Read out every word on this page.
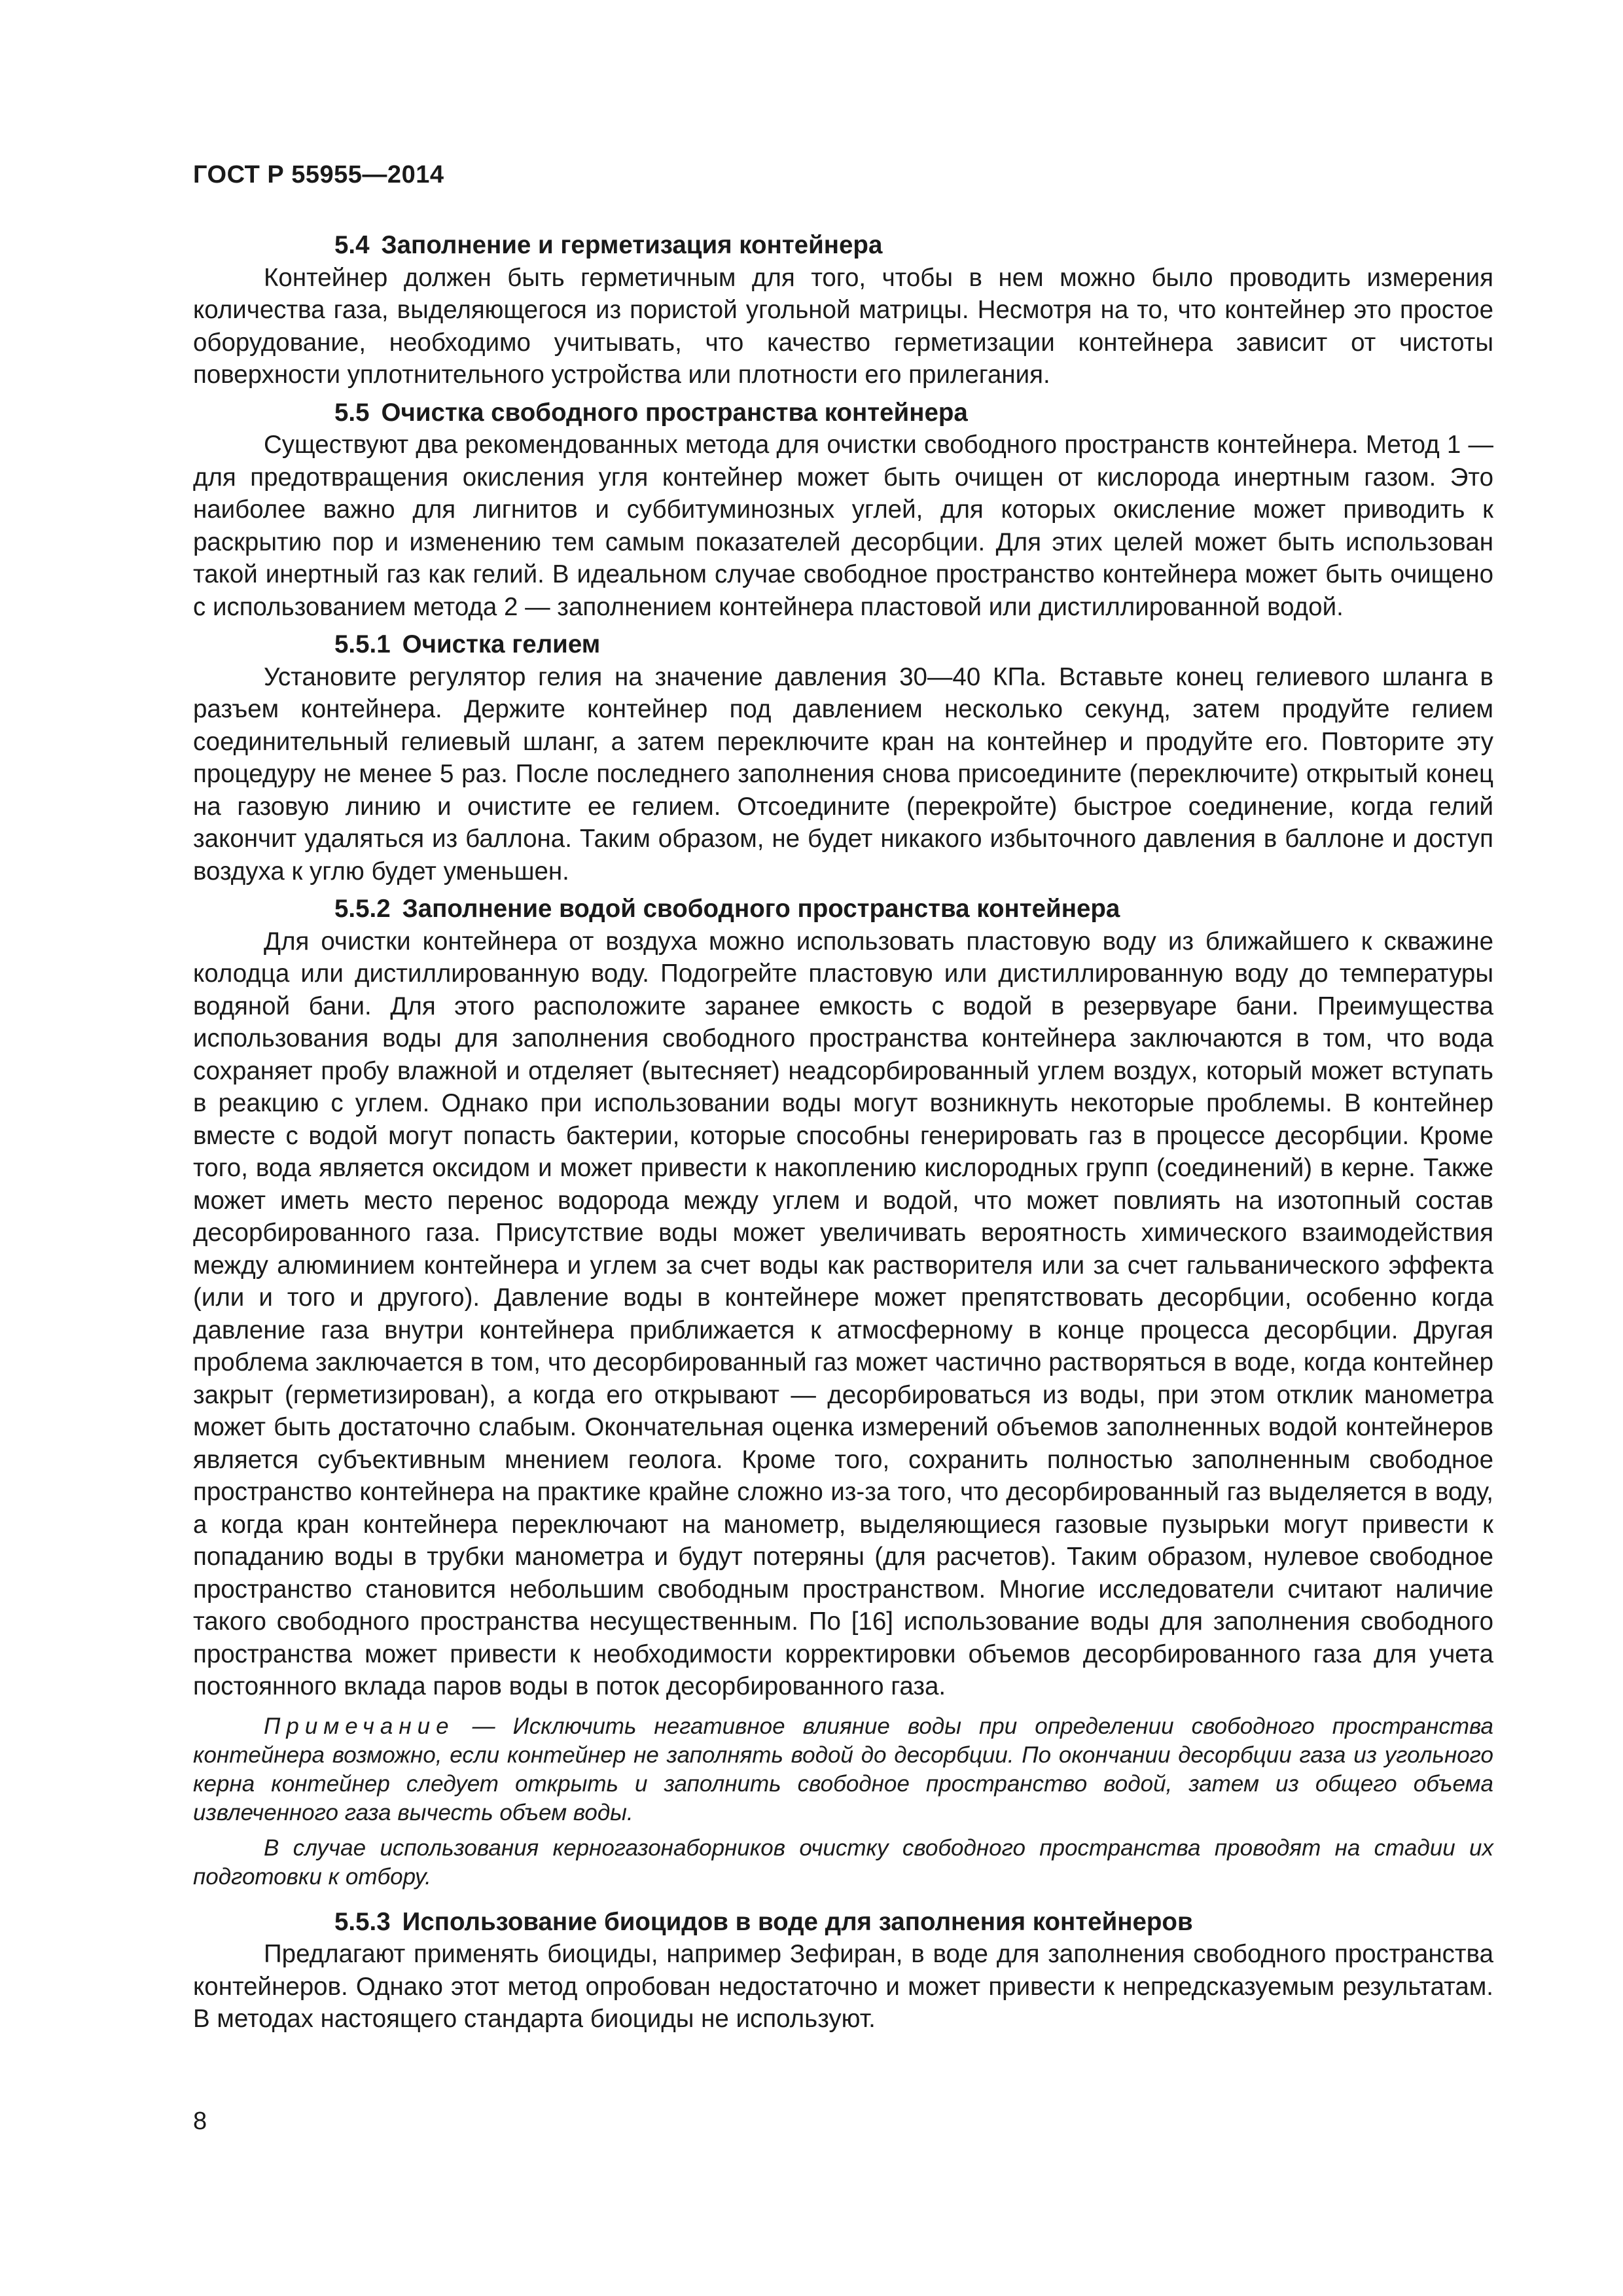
ГОСТ Р 55955—2014
5.4 Заполнение и герметизация контейнера

Контейнер должен быть герметичным для того, чтобы в нем можно было проводить измерения количества газа, выделяющегося из пористой угольной матрицы. Несмотря на то, что контейнер это простое оборудование, необходимо учитывать, что качество герметизации контейнера зависит от чистоты поверхности уплотнительного устройства или плотности его прилегания.

5.5 Очистка свободного пространства контейнера

Существуют два рекомендованных метода для очистки свободного пространств контейнера. Метод 1 — для предотвращения окисления угля контейнер может быть очищен от кислорода инертным газом. Это наиболее важно для лигнитов и суббитуминозных углей, для которых окисление может приводить к раскрытию пор и изменению тем самым показателей десорбции. Для этих целей может быть использован такой инертный газ как гелий. В идеальном случае свободное пространство контейнера может быть очищено с использованием метода 2 — заполнением контейнера пластовой или дистиллированной водой.

5.5.1 Очистка гелием

Установите регулятор гелия на значение давления 30—40 КПа. Вставьте конец гелиевого шланга в разъем контейнера. Держите контейнер под давлением несколько секунд, затем продуйте гелием соединительный гелиевый шланг, а затем переключите кран на контейнер и продуйте его. Повторите эту процедуру не менее 5 раз. После последнего заполнения снова присоедините (переключите) открытый конец на газовую линию и очистите ее гелием. Отсоедините (перекройте) быстрое соединение, когда гелий закончит удаляться из баллона. Таким образом, не будет никакого избыточного давления в баллоне и доступ воздуха к углю будет уменьшен.

5.5.2 Заполнение водой свободного пространства контейнера

Для очистки контейнера от воздуха можно использовать пластовую воду из ближайшего к скважине колодца или дистиллированную воду. Подогрейте пластовую или дистиллированную воду до температуры водяной бани. Для этого расположите заранее емкость с водой в резервуаре бани. Преимущества использования воды для заполнения свободного пространства контейнера заключаются в том, что вода сохраняет пробу влажной и отделяет (вытесняет) неадсорбированный углем воздух, который может вступать в реакцию с углем. Однако при использовании воды могут возникнуть некоторые проблемы. В контейнер вместе с водой могут попасть бактерии, которые способны генерировать газ в процессе десорбции. Кроме того, вода является оксидом и может привести к накоплению кислородных групп (соединений) в керне. Также может иметь место перенос водорода между углем и водой, что может повлиять на изотопный состав десорбированного газа. Присутствие воды может увеличивать вероятность химического взаимодействия между алюминием контейнера и углем за счет воды как растворителя или за счет гальванического эффекта (или и того и другого). Давление воды в контейнере может препятствовать десорбции, особенно когда давление газа внутри контейнера приближается к атмосферному в конце процесса десорбции. Другая проблема заключается в том, что десорбированный газ может частично растворяться в воде, когда контейнер закрыт (герметизирован), а когда его открывают — десорбироваться из воды, при этом отклик манометра может быть достаточно слабым. Окончательная оценка измерений объемов заполненных водой контейнеров является субъективным мнением геолога. Кроме того, сохранить полностью заполненным свободное пространство контейнера на практике крайне сложно из-за того, что десорбированный газ выделяется в воду, а когда кран контейнера переключают на манометр, выделяющиеся газовые пузырьки могут привести к попаданию воды в трубки манометра и будут потеряны (для расчетов). Таким образом, нулевое свободное пространство становится небольшим свободным пространством. Многие исследователи считают наличие такого свободного пространства несущественным. По [16] использование воды для заполнения свободного пространства может привести к необходимости корректировки объемов десорбированного газа для учета постоянного вклада паров воды в поток десорбированного газа.

Примечание — Исключить негативное влияние воды при определении свободного пространства контейнера возможно, если контейнер не заполнять водой до десорбции. По окончании десорбции газа из угольного керна контейнер следует открыть и заполнить свободное пространство водой, затем из общего объема извлеченного газа вычесть объем воды.

В случае использования керногазонаборников очистку свободного пространства проводят на стадии их подготовки к отбору.

5.5.3 Использование биоцидов в воде для заполнения контейнеров

Предлагают применять биоциды, например Зефиран, в воде для заполнения свободного пространства контейнеров. Однако этот метод опробован недостаточно и может привести к непредсказуемым результатам. В методах настоящего стандарта биоциды не используют.

8
